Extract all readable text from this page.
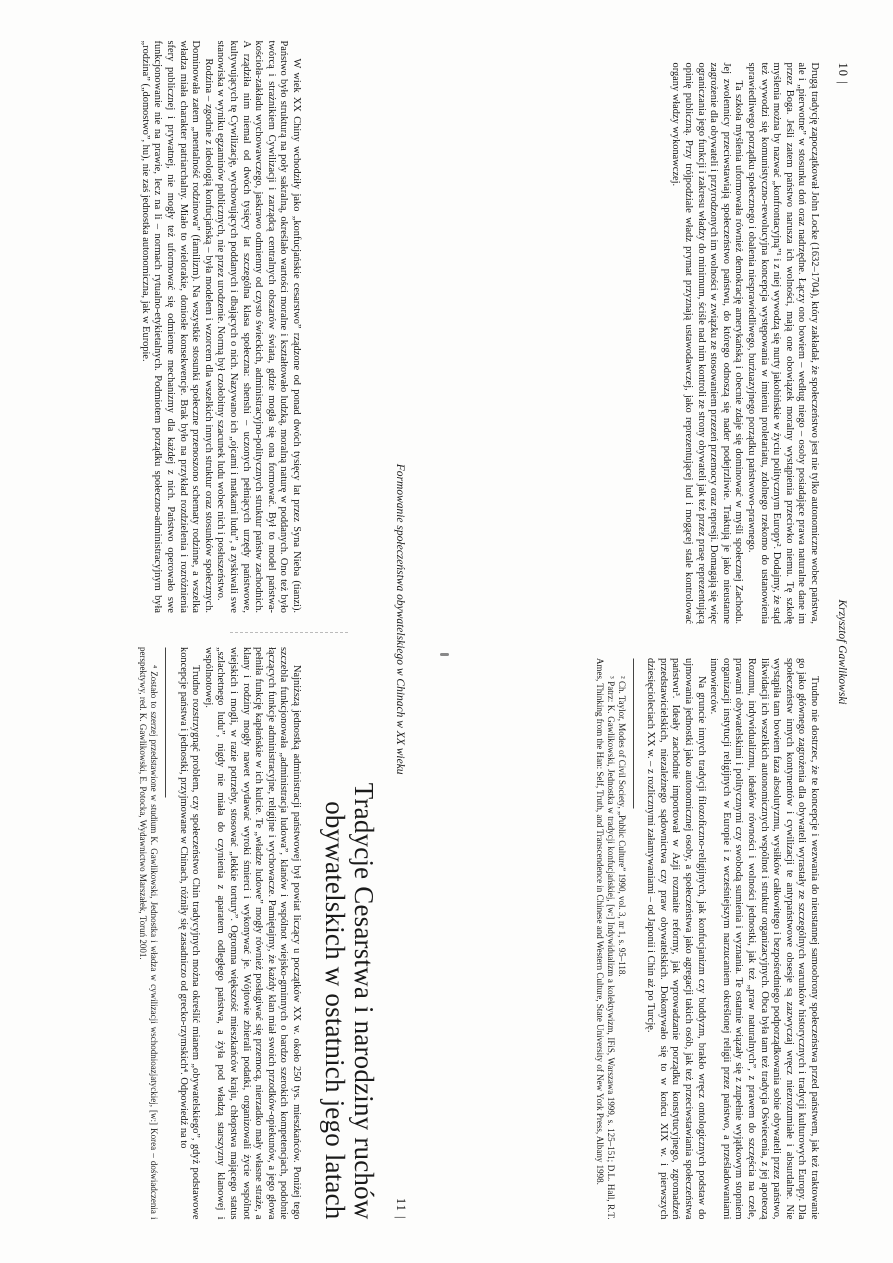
10 |
Krzysztof Gawlikowski

Drugą tradycję zapoczątkował John Locke (1632–1704), który zakładał, że społeczeństwo jest nie tylko autonomiczne wobec państwa, ale i „pierwotne” w stosunku doń oraz nadrzędne. Łączy ono bowiem – według niego – osoby posiadające prawa naturalne dane im przez Boga. Jeśli zatem państwo narusza ich wolności, mają one obowiązek moralny wystąpienia przeciwko niemu. Tę szkołę myślenia można by nazwać „konfrontacyjną”¹ i z niej wywodzą się nurty jakobińskie w życiu politycznym Europy². Dodajmy, że stąd też wywodzi się komunistyczno-rewolucyjna koncepcja występowania w imieniu proletariatu, zdolnego rzekomo do ustanowienia sprawiedliwego porządku społecznego i obalenia niesprawiedliwego, burżuazyjnego porządku państwowo-prawnego.

Ta szkoła myślenia uformowała również demokrację amerykańską i obecnie zdaje się dominować w myśli społecznej Zachodu. Jej zwolennicy przeciwstawiają społeczeństwo państwu, do którego odnoszą się nader podejrzliwie. Traktują je jako nieustanne zagrożenie dla obywateli i przyrodzonych im wolności w związku ze stosowaniem przezeń przemocy oraz represji. Domagają się więc ograniczania jego funkcji i zakresu władzy do minimum, ściśle nad nim kontroli ze strony obywateli jak też przez prasę reprezentującą opinię publiczną. Przy trójpodziale władz prymat przyznają ustawodawczej, jako reprezentującej lud i mogącej stale kontrolować organy władzy wykonawczej.

Trudno nie dostrzec, że te koncepcje i wezwania do nieustannej samoobrony społeczeństwa przed państwem, jak też traktowanie go jako głównego zagrożenia dla obywateli wyrastały ze szczególnych warunków historycznych i tradycji kulturowych Europy. Dla społeczeństw innych kontynentów i cywilizacji te antypaństwowe obsesje są zazwyczaj wręcz niezrozumiałe i absurdalne. Nie wystąpiła tam bowiem faza absolutyzmu, wysiłków całkowitego i bezpośredniego podporządkowania sobie obywateli przez państwo, likwidacji ich wszelkich autonomicznych wspólnot i struktur organizacyjnych. Obca była tam też tradycja Oświecenia, z jej apoteozą Rozumu, indywidualizmu, ideałów równości i wolności jednostki, jak też „praw naturalnych”, z prawem do szczęścia na czele, prawami obywatelskimi i politycznymi czy swobodą sumienia i wyznania. Te ostatnie wiązały się z zupełnie wyjątkowym stopniem organizacji instytucji religijnych w Europie i z wcześniejszym narzucaniem określonej religii przez państwo, a prześladowaniami innowierców.

Na gruncie innych tradycji filozoficzno-religijnych, jak konfucjanizm czy buddyzm, brakło wręcz ontologicznych podstaw do ujmowania jednostki jako autonomicznej osoby, a społeczeństwa jako agregacji takich osób, jak też przeciwstawiania społeczeństwa państwu³. Ideały zachodnie importował w Azji rozmaite reformy, jak wprowadzanie porządku konstytucyjnego, zgromadzeń przedstawicielskich, niezależnego sądownictwa czy praw obywatelskich. Dokonywało się to w końcu XIX w. i pierwszych dziesięcioleciach XX w. – z rozlicznymi załamywaniami – od Japonii i Chin aż po Turcję.

² Ch. Taylor, Modes of Civil Society, „Public Culture” 1990, vol. 3, nr 1, s. 95–118.

³ Patrz: K. Gawlikowski, Jednostka w tradycji konfucjańskiej, [w:] Indywidualizm a kolektywizm, IFiS, Warszawa 1999, s. 125–151; D.L. Hall, R.T. Ames, Thinking from the Han: Self, Truth, and Transcendence in Chinese and Western Culture, State University of New York Press, Albany 1998.

Formowanie społeczeństwa obywatelskiego w Chinach w XX wieku
11 |
Tradycje Cesarstwa i narodziny ruchów
obywatelskich w ostatnich jego latach

W wiek XX Chiny wchodziły jako „konfucjańskie cesarstwo” rządzone od ponad dwóch tysięcy lat przez Syna Nieba (tianzi). Państwo było strukturą na poły sakralną, określało wartości moralne i kształtowało ludzką, moralną naturę w poddanych. Ono też było twórcą i strażnikiem Cywilizacji i zarządcą centralnych obszarów świata, gdzie mogła się ona formować. Był to model państwa-kościoła-zakładu wychowawczego, jaskrawo odmienny od czysto świeckich, administracyjno-politycznych struktur państw zachodnich. A rządziła nim niemal od dwóch tysięcy lat szczególna klasa społeczna: shenshi – uczonych pełniących urzędy państwowe, kultywujących tę Cywilizację, wychowujących poddanych i dbających o nich. Nazywano ich „ojcami i matkami ludu”, a zyskiwali swe stanowiska w wyniku egzaminów publicznych, nie przez urodzenie. Normą był czołobitny szacunek ludu wobec nich i posłuszeństwo.

Rodzina – zgodnie z ideologią konfucjańską – była modelem i wzorcem dla wszelkich innych struktur oraz stosunków społecznych. Dominowała zatem „mentalność rodzinowa” (familizm). Na wszystkie stosunki społeczne przenoszono schematy rodzinne, a wszelka władza miała charakter patriarchalny. Miało to wielorakie, doniosłe konsekwencje. Brak było na przykład rozdzielenia i rozróżnienia sfery publicznej i prywatnej, nie mogły też uformować się odmienne mechanizmy dla każdej z nich. Państwo operowało swe funkcjonowanie nie na prawie, lecz na li – normach rytualno-etykietalnych. Podmiotem porządku społeczno-administracyjnym była „rodzina” („domostwo”, hu), nie zaś jednostka autonomiczna, jak w Europie.

Najniższą jednostką administracji państwowej był powiat liczący u początków XX w. około 250 tys. mieszkańców. Poniżej tego szczebla funkcjonowała „administracja ludowa”, klanów i wspólnot wiejsko-gminnych o bardzo szerokich kompetencjach, podobnie łączących funkcje administracyjne, religijne i wychowacze. Pamiętajmy, że każdy klan miał swoich przodków-opiekunów, a jego głowa pełniła funkcję kapłańskie w ich kulcie. Te „władze ludowe” mogły również posługiwać się przemocą, nierzadko mały własne straże, a klany i rodziny mogły nawet wydawać wyroki śmierci i wykonywać je. Wójtowie zbierali podatki, organizowali życie wspólnot wiejskich i mogli, w razie potrzeby, stosować „lekkie tortury”. Ogromna większość mieszkańców kraju, chłopstwa mającego status „szlachetnego ludu”, nigdy nie miała do czynienia z aparatem odległego państwa, a żyła pod władzą starszyzny klanowej i wspólnotowej.

Trudno rozstrzygnąć problem, czy społeczeństwo Chin tradycyjnych można określić mianem „obywatelskiego”, gdyż podstawowe koncepcje państwa i jednostki, przyjmowane w Chinach, różniły się zasadniczo od grecko-rzymskich⁴. Odpowiedź na to

⁴ Zostało to szerzej przedstawione w studium K. Gawlikowski, Jednostka i władza w cywilizacji wschodnioazjatyckiej, [w:] Korea – doświadczenia i perspektywy, red. K. Gawlikowski, E. Potocka, Wydawnictwo Marszałek, Toruń 2001.
